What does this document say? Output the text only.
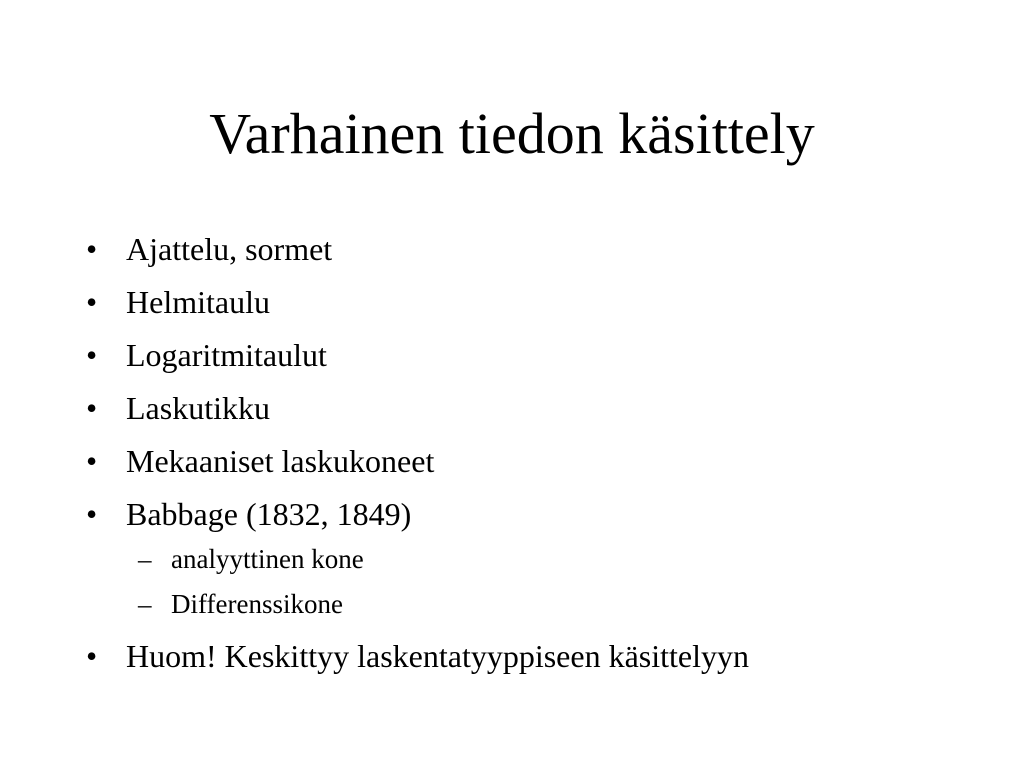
Varhainen tiedon käsittely
• Ajattelu, sormet
• Helmitaulu
• Logaritmitaulut
• Laskutikku
• Mekaaniset laskukoneet
• Babbage (1832, 1849)
– analyyttinen kone
– Differenssikone
• Huom! Keskittyy laskentatyyppiseen käsittelyyn
